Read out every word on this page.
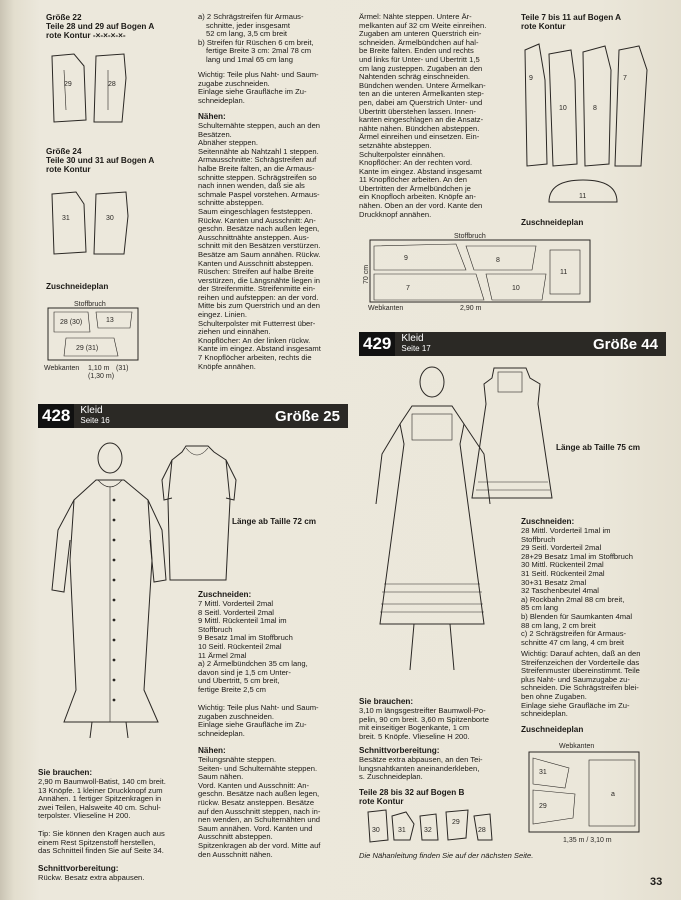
Größe 22
Teile 28 und 29 auf Bogen A
rote Kontur -×-×-×-×-
29	28
Größe 24
Teile 30 und 31 auf Bogen A
rote Kontur
31	30
Zuschneideplan
Stoffbruch
28 (30)	13
29 (31)
Webkanten 1,10 m (31)
(1,30 m)
a) 2 Schrägstreifen für Armaus-
schnitte, jeder insgesamt
52 cm lang, 3,5 cm breit
b) Streifen für Rüschen 6 cm breit,
fertige Breite 3 cm: 2mal 78 cm
lang und 1mal 65 cm lang
Wichtig: Teile plus Naht- und Saum-
zugabe zuschneiden.
Einlage siehe Graufläche im Zu-
schneideplan.
Nähen:
Schulternähte steppen, auch an den
Besätzen.
Abnäher steppen.
Seitennähte ab Nahtzahl 1 steppen.
Armausschnitte: Schrägstreifen auf
halbe Breite falten, an die Armaus-
schnitte steppen. Schrägstreifen so
nach innen wenden, daß sie als
schmale Paspel vorstehen. Armaus-
schnitte absteppen.
Saum eingeschlagen feststeppen.
Rückw. Kanten und Ausschnitt: An-
geschn. Besätze nach außen legen,
Ausschnittnähte ansteppen. Aus-
schnitt mit den Besätzen verstürzen.
Besätze am Saum annähen. Rückw.
Kanten und Ausschnitt absteppen.
Rüschen: Streifen auf halbe Breite
verstürzen, die Längsnähte liegen in
der Streifenmitte. Streifenmitte ein-
reihen und aufsteppen: an der vord.
Mitte bis zum Querstrich und an den
eingez. Linien.
Schulterpolster mit Futterrest über-
ziehen und einnähen.
Knopflöcher: An der linken rückw.
Kante im eingez. Abstand insgesamt
7 Knopflöcher arbeiten, rechts die
Knöpfe annähen.
Ärmel: Nähte steppen. Untere Är-
melkanten auf 32 cm Weite einreihen.
Zugaben am unteren Querstrich ein-
schneiden. Ärmelbündchen auf hal-
be Breite falten. Enden und rechts
und links für Unter- und Übertritt 1,5
cm lang zusteppen. Zugaben an den
Nahtenden schräg einschneiden.
Bündchen wenden. Untere Ärmelkan-
ten an die unteren Ärmelkanten step-
pen, dabei am Querstrich Unter- und
Übertritt überstehen lassen. Innen-
kanten eingeschlagen an die Ansatz-
nähte nähen. Bündchen absteppen.
Ärmel einreihen und einsetzen. Ein-
setznähte absteppen.
Schulterpolster einnähen.
Knopflöcher: An der rechten vord.
Kante im eingez. Abstand insgesamt
11 Knopflöcher arbeiten. An den
Übertritten der Ärmelbündchen je
ein Knopfloch arbeiten. Knöpfe an-
nähen. Oben an der vord. Kante den
Druckknopf annähen.
Stoffbruch
9	8
7	10
11
Webkanten	2,90 m
70 cm
Teile 7 bis 11 auf Bogen A
rote Kontur
9
10	8
7
11
Zuschneideplan
429	Kleid
Seite 17	Größe 44
428	Kleid
Seite 16	Größe 25
Länge ab Taille 72 cm
Zuschneiden:
7 Mittl. Vorderteil 2mal
8 Seitl. Vorderteil 2mal
9 Mittl. Rückenteil 1mal im
Stoffbruch
9 Besatz 1mal im Stoffbruch
10 Seitl. Rückenteil 2mal
11 Ärmel 2mal
a) 2 Ärmelbündchen 35 cm lang,
davon sind je 1,5 cm Unter-
und Übertritt, 5 cm breit,
fertige Breite 2,5 cm
Wichtig: Teile plus Naht- und Saum-
zugaben zuschneiden.
Einlage siehe Graufläche im Zu-
schneideplan.
Nähen:
Teilungsnähte steppen.
Seiten- und Schulternähte steppen.
Saum nähen.
Vord. Kanten und Ausschnitt: An-
geschn. Besätze nach außen legen,
rückw. Besatz ansteppen. Besätze
auf den Ausschnitt steppen, nach in-
nen wenden, an Schulternähten und
Saum annähen. Vord. Kanten und
Ausschnitt absteppen.
Spitzenkragen ab der vord. Mitte auf
den Ausschnitt nähen.
Sie brauchen:
2,90 m Baumwoll-Batist, 140 cm breit.
13 Knöpfe. 1 kleiner Druckknopf zum
Annähen. 1 fertiger Spitzenkragen in
zwei Teilen, Halsweite 40 cm. Schul-
terpolster. Vlieseline H 200.
Tip: Sie können den Kragen auch aus
einem Rest Spitzenstoff herstellen,
das Schnitteil finden Sie auf Seite 34.
Schnittvorbereitung:
Rückw. Besatz extra abpausen.
Länge ab Taille 75 cm
Zuschneiden:
28 Mittl. Vorderteil 1mal im
Stoffbruch
29 Seitl. Vorderteil 2mal
28+29 Besatz 1mal im Stoffbruch
30 Mittl. Rückenteil 2mal
31 Seitl. Rückenteil 2mal
30+31 Besatz 2mal
32 Taschenbeutel 4mal
a) Rockbahn 2mal 88 cm breit,
85 cm lang
b) Blenden für Saumkanten 4mal
88 cm lang, 2 cm breit
c) 2 Schrägstreifen für Armaus-
schnitte 47 cm lang, 4 cm breit
Wichtig: Darauf achten, daß an den
Streifenzeichen der Vorderteile das
Streifenmuster übereinstimmt. Teile
plus Naht- und Saumzugabe zu-
schneiden. Die Schrägstreifen blei-
ben ohne Zugaben.
Einlage siehe Graufläche im Zu-
schneideplan.
Zuschneideplan
Webkanten
31
29
a
1,35 m / 3,10 m
Sie brauchen:
3,10 m längsgestreifter Baumwoll-Po-
pelin, 90 cm breit. 3,60 m Spitzenborte
mit einseitiger Bogenkante, 1 cm
breit. 5 Knöpfe. Vlieseline H 200.
Schnittvorbereitung:
Besätze extra abpausen, an den Tei-
lungsnahtkanten aneinanderkleben,
s. Zuschneideplan.
Teile 28 bis 32 auf Bogen B
rote Kontur
30	31	32
29
28
Die Nähanleitung finden Sie auf der nächsten Seite.
33
